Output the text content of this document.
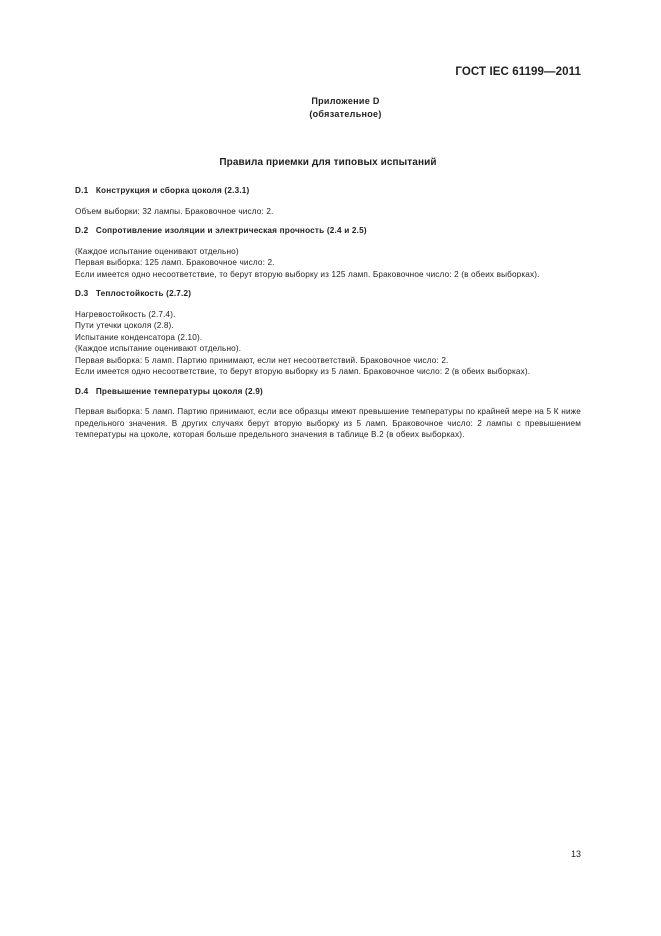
ГОСТ IEC 61199—2011
Приложение D
(обязательное)
Правила приемки для типовых испытаний
D.1 Конструкция и сборка цоколя (2.3.1)
Объем выборки: 32 лампы. Браковочное число: 2.
D.2 Сопротивление изоляции и электрическая прочность (2.4 и 2.5)
(Каждое испытание оценивают отдельно)
Первая выборка: 125 ламп. Браковочное число: 2.
Если имеется одно несоответствие, то берут вторую выборку из 125 ламп. Браковочное число: 2 (в обеих выборках).
D.3 Теплостойкость (2.7.2)
Нагревостойкость (2.7.4).
Пути утечки цоколя (2.8).
Испытание конденсатора (2.10).
(Каждое испытание оценивают отдельно).
Первая выборка: 5 ламп. Партию принимают, если нет несоответствий. Браковочное число: 2.
Если имеется одно несоответствие, то берут вторую выборку из 5 ламп. Браковочное число: 2 (в обеих выборках).
D.4 Превышение температуры цоколя (2.9)
Первая выборка: 5 ламп. Партию принимают, если все образцы имеют превышение температуры по крайней мере на 5 К ниже предельного значения. В других случаях берут вторую выборку из 5 ламп. Браковочное число: 2 лампы с превышением температуры на цоколе, которая больше предельного значения в таблице В.2 (в обеих выборках).
13
